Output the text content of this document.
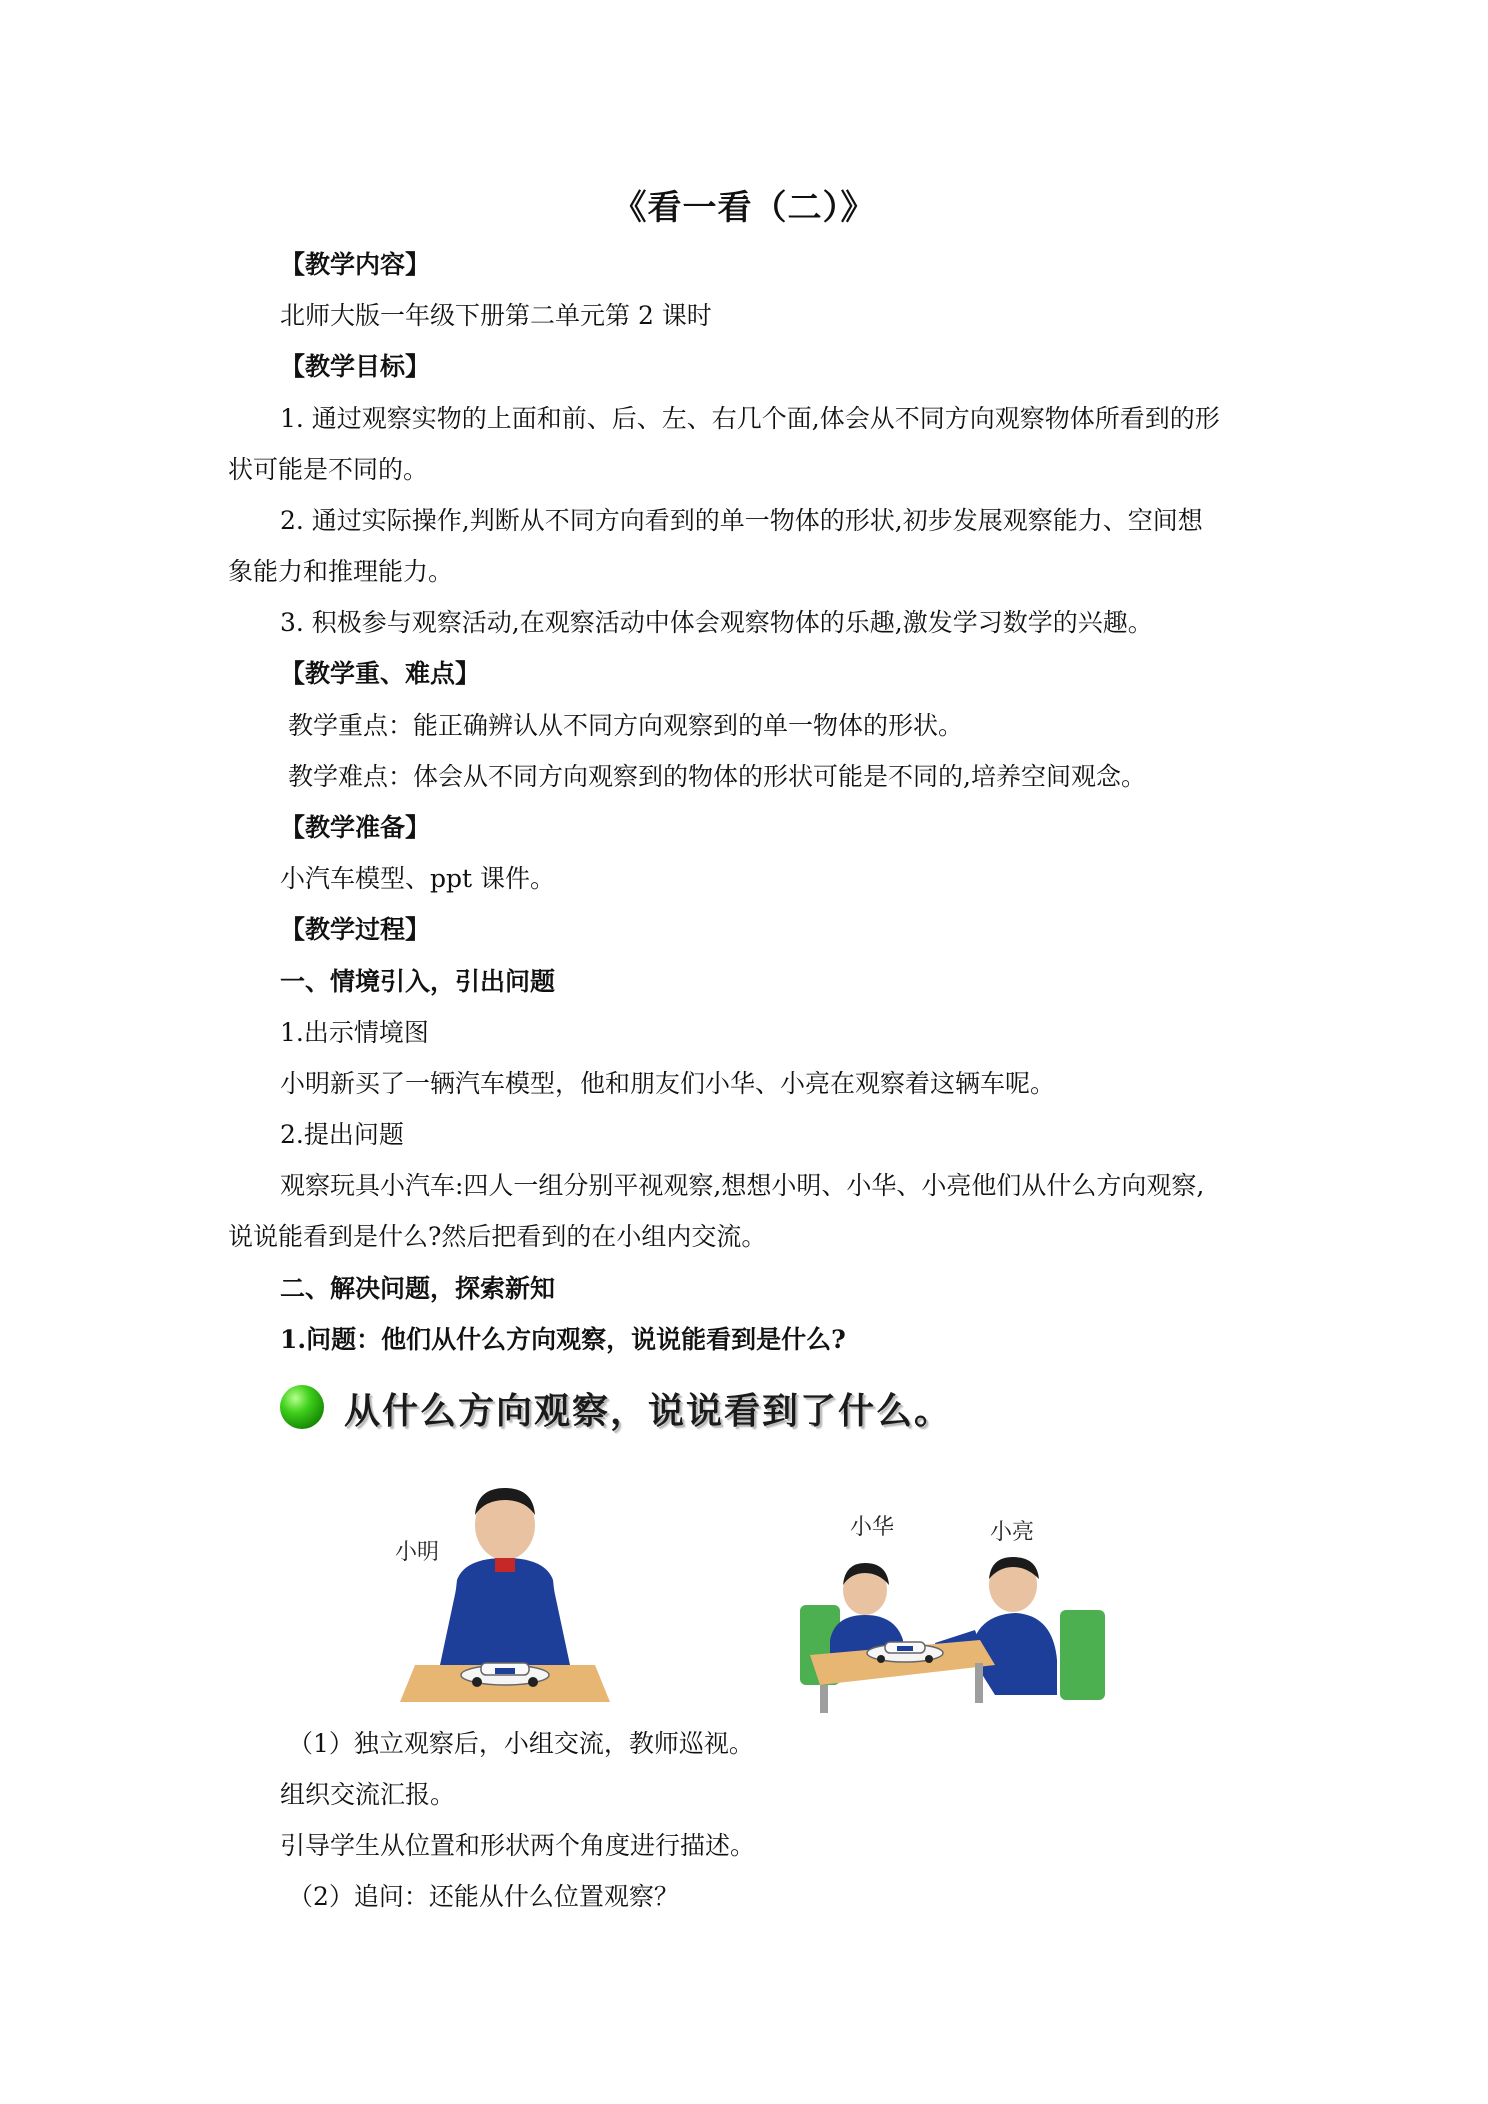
《看一看（二）》
【教学内容】
北师大版一年级下册第二单元第 2 课时
【教学目标】
1. 通过观察实物的上面和前、后、左、右几个面,体会从不同方向观察物体所看到的形
状可能是不同的。
2. 通过实际操作,判断从不同方向看到的单一物体的形状,初步发展观察能力、空间想
象能力和推理能力。
3. 积极参与观察活动,在观察活动中体会观察物体的乐趣,激发学习数学的兴趣。
【教学重、难点】
教学重点：能正确辨认从不同方向观察到的单一物体的形状。
教学难点：体会从不同方向观察到的物体的形状可能是不同的,培养空间观念。
【教学准备】
小汽车模型、ppt 课件。
【教学过程】
一、情境引入，引出问题
1.出示情境图
小明新买了一辆汽车模型，他和朋友们小华、小亮在观察着这辆车呢。
2.提出问题
观察玩具小汽车:四人一组分别平视观察,想想小明、小华、小亮他们从什么方向观察,
说说能看到是什么?然后把看到的在小组内交流。
二、解决问题，探索新知
1.问题：他们从什么方向观察，说说能看到是什么?
从什么方向观察，说说看到了什么。
小明
小华	小亮
（1）独立观察后，小组交流，教师巡视。
组织交流汇报。
引导学生从位置和形状两个角度进行描述。
（2）追问：还能从什么位置观察？
